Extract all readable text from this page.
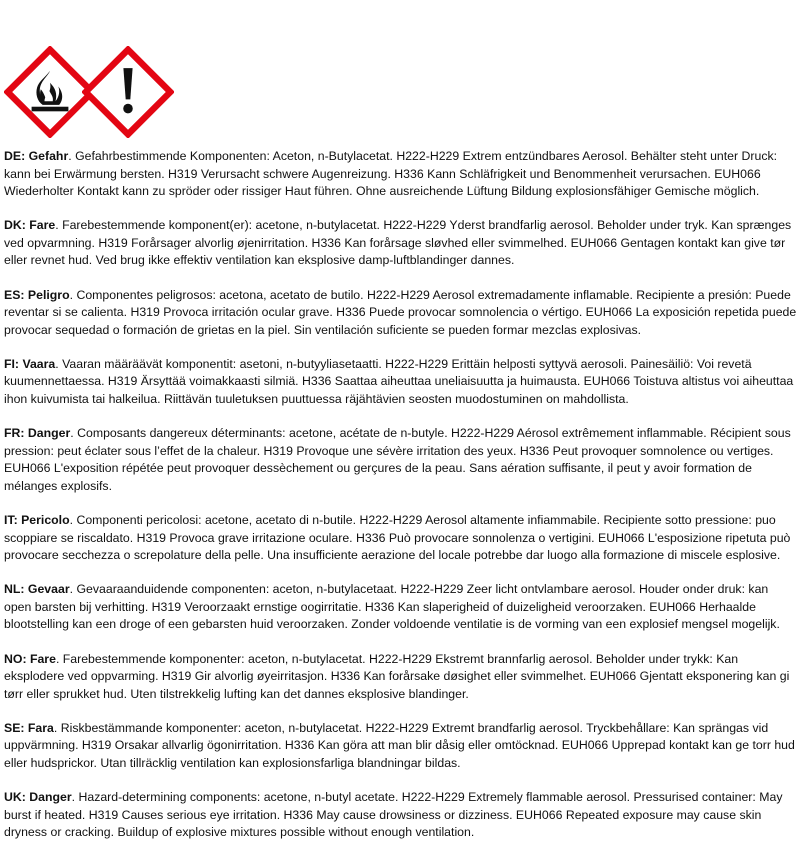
DE: Gefahr. Gefahrbestimmende Komponenten: Aceton, n-Butylacetat. H222-H229 Extrem entzündbares Aerosol. Behälter steht unter Druck: kann bei Erwärmung bersten. H319 Verursacht schwere Augenreizung. H336 Kann Schläfrigkeit und Benommenheit verursachen. EUH066 Wiederholter Kontakt kann zu spröder oder rissiger Haut führen. Ohne ausreichende Lüftung Bildung explosionsfähiger Gemische möglich.

DK: Fare. Farebestemmende komponent(er): acetone, n-butylacetat. H222-H229 Yderst brandfarlig aerosol. Beholder under tryk. Kan sprænges ved opvarmning. H319 Forårsager alvorlig øjenirritation. H336 Kan forårsage sløvhed eller svimmelhed. EUH066 Gentagen kontakt kan give tør eller revnet hud. Ved brug ikke effektiv ventilation kan eksplosive damp-luftblandinger dannes.

ES: Peligro. Componentes peligrosos: acetona, acetato de butilo. H222-H229 Aerosol extremadamente inflamable. Recipiente a presión: Puede reventar si se calienta. H319 Provoca irritación ocular grave. H336 Puede provocar somnolencia o vértigo. EUH066 La exposición repetida puede provocar sequedad o formación de grietas en la piel. Sin ventilación suficiente se pueden formar mezclas explosivas.

FI: Vaara. Vaaran määräävät komponentit: asetoni, n-butyyliasetaatti. H222-H229 Erittäin helposti syttyvä aerosoli. Painesäiliö: Voi revetä kuumennettaessa. H319 Ärsyttää voimakkaasti silmiä. H336 Saattaa aiheuttaa uneliaisuutta ja huimausta. EUH066 Toistuva altistus voi aiheuttaa ihon kuivumista tai halkeilua. Riittävän tuuletuksen puuttuessa räjähtävien seosten muodostuminen on mahdollista.

FR: Danger. Composants dangereux déterminants: acetone, acétate de n-butyle. H222-H229 Aérosol extrêmement inflammable. Récipient sous pression: peut éclater sous l’effet de la chaleur. H319 Provoque une sévère irritation des yeux. H336 Peut provoquer somnolence ou vertiges. EUH066 L'exposition répétée peut provoquer dessèchement ou gerçures de la peau. Sans aération suffisante, il peut y avoir formation de mélanges explosifs.

IT: Pericolo. Componenti pericolosi: acetone, acetato di n-butile. H222-H229 Aerosol altamente infiammabile. Recipiente sotto pressione: puo scoppiare se riscaldato. H319 Provoca grave irritazione oculare. H336 Può provocare sonnolenza o vertigini. EUH066 L'esposizione ripetuta può provocare secchezza o screpolature della pelle. Una insufficiente aerazione del locale potrebbe dar luogo alla formazione di miscele esplosive.

NL: Gevaar. Gevaaraanduidende componenten: aceton, n-butylacetaat. H222-H229 Zeer licht ontvlambare aerosol. Houder onder druk: kan open barsten bij verhitting. H319 Veroorzaakt ernstige oogirritatie. H336 Kan slaperigheid of duizeligheid veroorzaken. EUH066 Herhaalde blootstelling kan een droge of een gebarsten huid veroorzaken. Zonder voldoende ventilatie is de vorming van een explosief mengsel mogelijk.

NO: Fare. Farebestemmende komponenter: aceton, n-butylacetat. H222-H229 Ekstremt brannfarlig aerosol. Beholder under trykk: Kan eksplodere ved oppvarming. H319 Gir alvorlig øyeirritasjon. H336 Kan forårsake døsighet eller svimmelhet. EUH066 Gjentatt eksponering kan gi tørr eller sprukket hud. Uten tilstrekkelig lufting kan det dannes eksplosive blandinger.

SE: Fara. Riskbestämmande komponenter: aceton, n-butylacetat. H222-H229 Extremt brandfarlig aerosol. Tryckbehållare: Kan sprängas vid uppvärmning. H319 Orsakar allvarlig ögonirritation. H336 Kan göra att man blir dåsig eller omtöcknad. EUH066 Upprepad kontakt kan ge torr hud eller hudsprickor. Utan tillräcklig ventilation kan explosionsfarliga blandningar bildas.

UK: Danger. Hazard-determining components: acetone, n-butyl acetate. H222-H229 Extremely flammable aerosol. Pressurised container: May burst if heated. H319 Causes serious eye irritation. H336 May cause drowsiness or dizziness. EUH066 Repeated exposure may cause skin dryness or cracking. Buildup of explosive mixtures possible without enough ventilation.
